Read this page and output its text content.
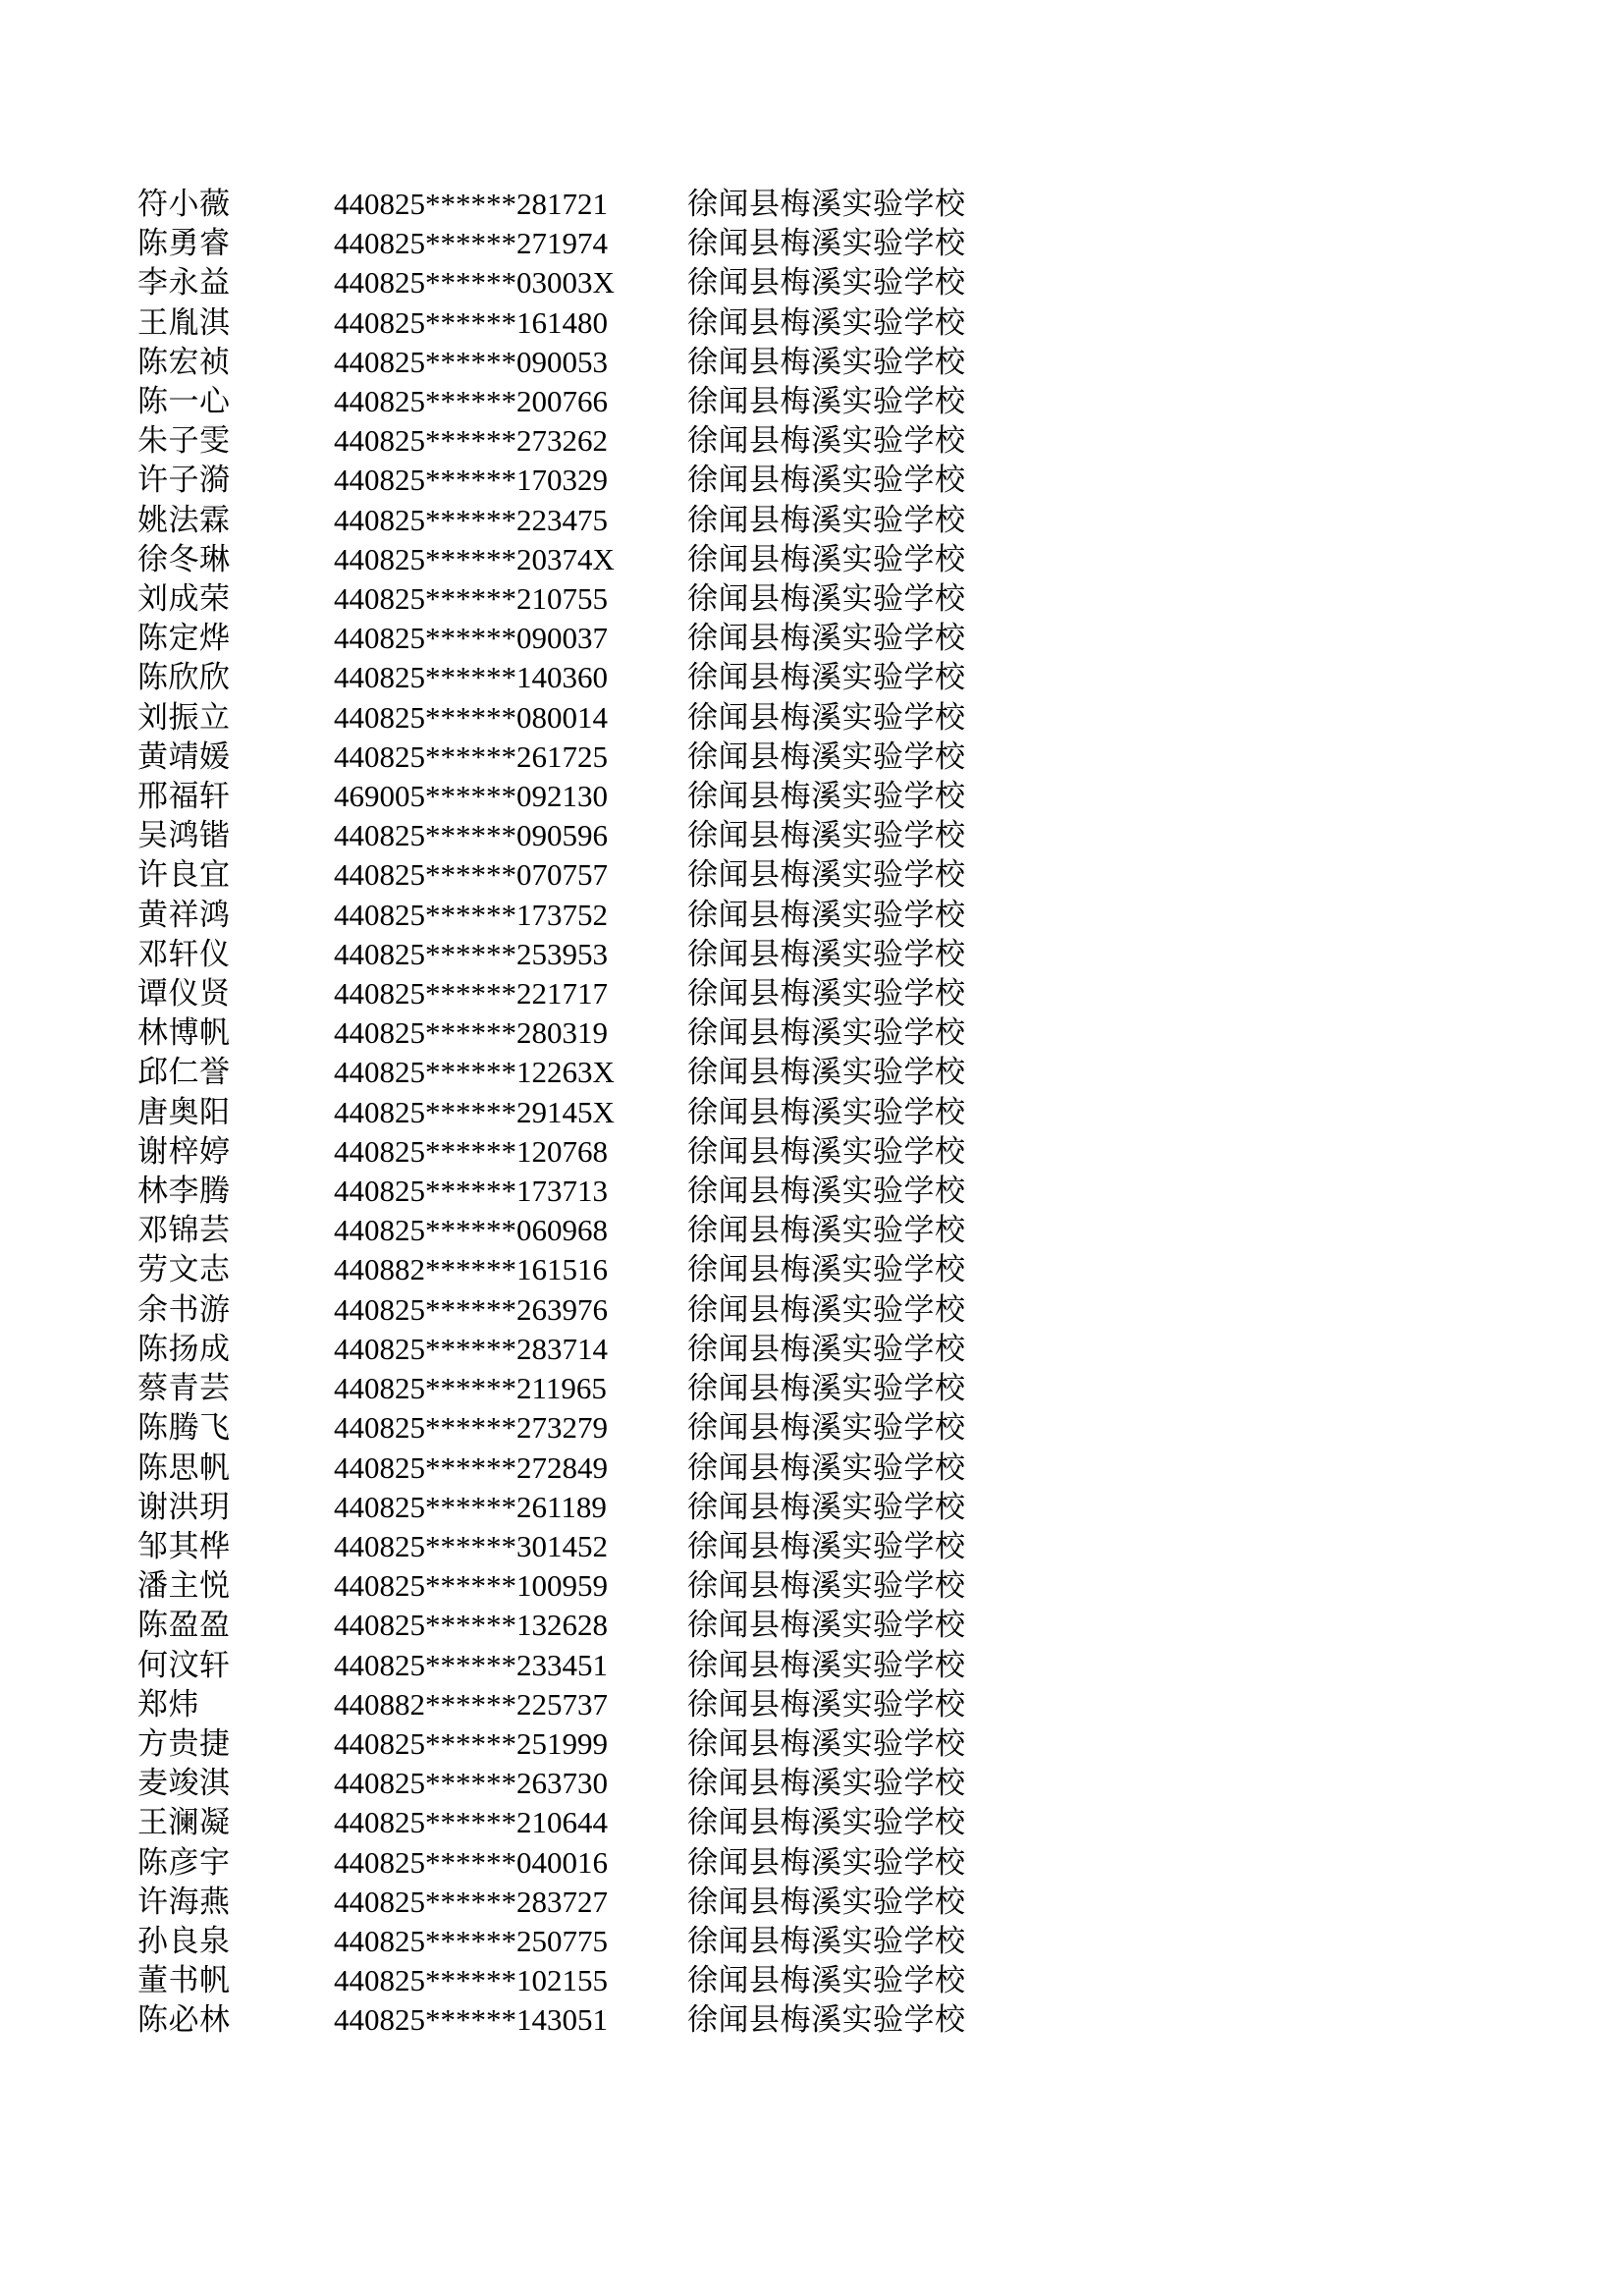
符小薇	440825******281721	徐闻县梅溪实验学校
陈勇睿	440825******271974	徐闻县梅溪实验学校
李永益	440825******03003X	徐闻县梅溪实验学校
王胤淇	440825******161480	徐闻县梅溪实验学校
陈宏祯	440825******090053	徐闻县梅溪实验学校
陈一心	440825******200766	徐闻县梅溪实验学校
朱子雯	440825******273262	徐闻县梅溪实验学校
许子漪	440825******170329	徐闻县梅溪实验学校
姚法霖	440825******223475	徐闻县梅溪实验学校
徐冬琳	440825******20374X	徐闻县梅溪实验学校
刘成荣	440825******210755	徐闻县梅溪实验学校
陈定烨	440825******090037	徐闻县梅溪实验学校
陈欣欣	440825******140360	徐闻县梅溪实验学校
刘振立	440825******080014	徐闻县梅溪实验学校
黄靖媛	440825******261725	徐闻县梅溪实验学校
邢福轩	469005******092130	徐闻县梅溪实验学校
吴鸿锴	440825******090596	徐闻县梅溪实验学校
许良宜	440825******070757	徐闻县梅溪实验学校
黄祥鸿	440825******173752	徐闻县梅溪实验学校
邓轩仪	440825******253953	徐闻县梅溪实验学校
谭仪贤	440825******221717	徐闻县梅溪实验学校
林博帆	440825******280319	徐闻县梅溪实验学校
邱仁誉	440825******12263X	徐闻县梅溪实验学校
唐奥阳	440825******29145X	徐闻县梅溪实验学校
谢梓婷	440825******120768	徐闻县梅溪实验学校
林李腾	440825******173713	徐闻县梅溪实验学校
邓锦芸	440825******060968	徐闻县梅溪实验学校
劳文志	440882******161516	徐闻县梅溪实验学校
余书游	440825******263976	徐闻县梅溪实验学校
陈扬成	440825******283714	徐闻县梅溪实验学校
蔡青芸	440825******211965	徐闻县梅溪实验学校
陈腾飞	440825******273279	徐闻县梅溪实验学校
陈思帆	440825******272849	徐闻县梅溪实验学校
谢洪玥	440825******261189	徐闻县梅溪实验学校
邹其桦	440825******301452	徐闻县梅溪实验学校
潘主悦	440825******100959	徐闻县梅溪实验学校
陈盈盈	440825******132628	徐闻县梅溪实验学校
何汶轩	440825******233451	徐闻县梅溪实验学校
郑炜	440882******225737	徐闻县梅溪实验学校
方贵捷	440825******251999	徐闻县梅溪实验学校
麦竣淇	440825******263730	徐闻县梅溪实验学校
王澜凝	440825******210644	徐闻县梅溪实验学校
陈彦宇	440825******040016	徐闻县梅溪实验学校
许海燕	440825******283727	徐闻县梅溪实验学校
孙良泉	440825******250775	徐闻县梅溪实验学校
董书帆	440825******102155	徐闻县梅溪实验学校
陈必林	440825******143051	徐闻县梅溪实验学校
